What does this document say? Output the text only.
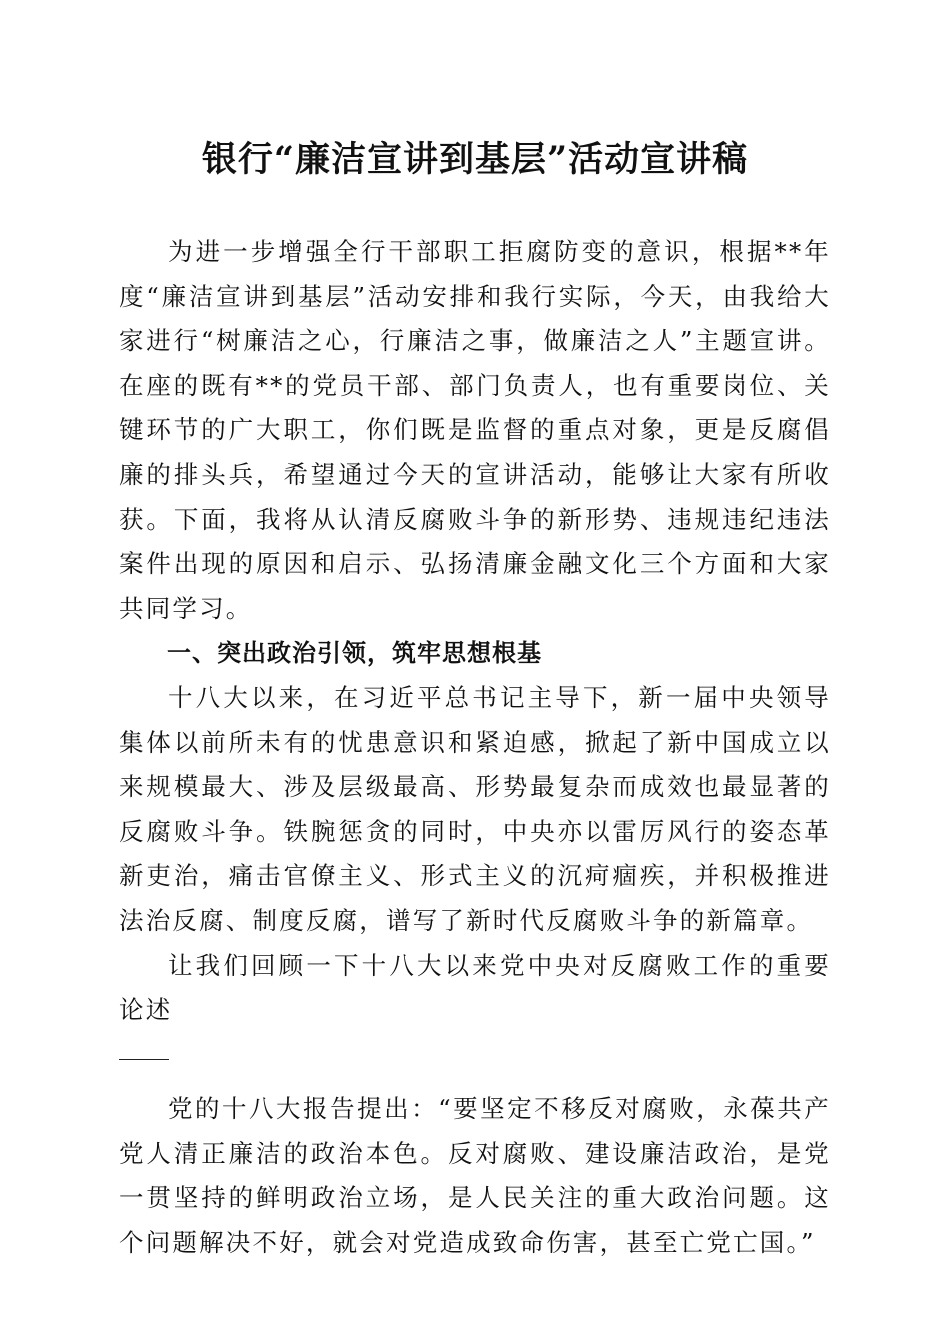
银行“廉洁宣讲到基层”活动宣讲稿

为进一步增强全行干部职工拒腐防变的意识，根据**年度“廉洁宣讲到基层”活动安排和我行实际，今天，由我给大家进行“树廉洁之心，行廉洁之事，做廉洁之人”主题宣讲。在座的既有**的党员干部、部门负责人，也有重要岗位、关键环节的广大职工，你们既是监督的重点对象，更是反腐倡廉的排头兵，希望通过今天的宣讲活动，能够让大家有所收获。下面，我将从认清反腐败斗争的新形势、违规违纪违法案件出现的原因和启示、弘扬清廉金融文化三个方面和大家共同学习。

一、突出政治引领，筑牢思想根基

十八大以来，在习近平总书记主导下，新一届中央领导集体以前所未有的忧患意识和紧迫感，掀起了新中国成立以来规模最大、涉及层级最高、形势最复杂而成效也最显著的反腐败斗争。铁腕惩贪的同时，中央亦以雷厉风行的姿态革新吏治，痛击官僚主义、形式主义的沉疴痼疾，并积极推进法治反腐、制度反腐，谱写了新时代反腐败斗争的新篇章。

让我们回顾一下十八大以来党中央对反腐败工作的重要论述

党的十八大报告提出：“要坚定不移反对腐败，永葆共产党人清正廉洁的政治本色。反对腐败、建设廉洁政治，是党一贯坚持的鲜明政治立场，是人民关注的重大政治问题。这个问题解决不好，就会对党造成致命伤害，甚至亡党亡国。”
